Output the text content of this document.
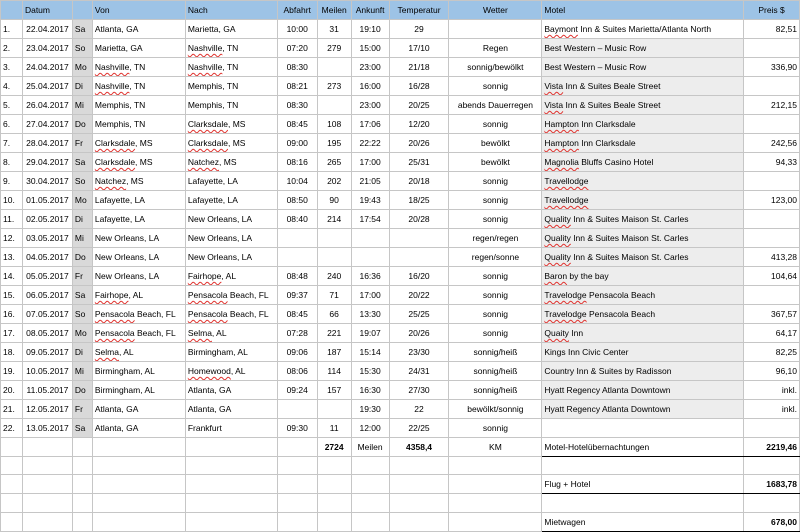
	Datum		Von	Nach	Abfahrt	Meilen	Ankunft	Temperatur	Wetter	Motel	Preis $
1.	22.04.2017	Sa	Atlanta, GA	Marietta, GA	10:00	31	19:10	29		Baymont Inn & Suites Marietta/Atlanta North	82,51
2.	23.04.2017	So	Marietta, GA	Nashville, TN	07:20	279	15:00	17/10	Regen	Best Western – Music Row	
3.	24.04.2017	Mo	Nashville, TN	Nashville, TN	08:30		23:00	21/18	sonnig/bewölkt	Best Western – Music Row	336,90
4.	25.04.2017	Di	Nashville, TN	Memphis, TN	08:21	273	16:00	16/28	sonnig	Vista Inn & Suites Beale Street	
5.	26.04.2017	Mi	Memphis, TN	Memphis, TN	08:30		23:00	20/25	abends Dauerregen	Vista Inn & Suites Beale Street	212,15
6.	27.04.2017	Do	Memphis, TN	Clarksdale, MS	08:45	108	17:06	12/20	sonnig	Hampton Inn Clarksdale	
7.	28.04.2017	Fr	Clarksdale, MS	Clarksdale, MS	09:00	195	22:22	20/26	bewölkt	Hampton Inn Clarksdale	242,56
8.	29.04.2017	Sa	Clarksdale, MS	Natchez, MS	08:16	265	17:00	25/31	bewölkt	Magnolia Bluffs Casino Hotel	94,33
9.	30.04.2017	So	Natchez, MS	Lafayette, LA	10:04	202	21:05	20/18	sonnig	Travellodge	
10.	01.05.2017	Mo	Lafayette, LA	Lafayette, LA	08:50	90	19:43	18/25	sonnig	Travellodge	123,00
11.	02.05.2017	Di	Lafayette, LA	New Orleans, LA	08:40	214	17:54	20/28	sonnig	Quality Inn & Suites Maison St. Carles	
12.	03.05.2017	Mi	New Orleans, LA	New Orleans, LA					regen/regen	Quality Inn & Suites Maison St. Carles	
13.	04.05.2017	Do	New Orleans, LA	New Orleans, LA					regen/sonne	Quality Inn & Suites Maison St. Carles	413,28
14.	05.05.2017	Fr	New Orleans, LA	Fairhope, AL	08:48	240	16:36	16/20	sonnig	Baron by the bay	104,64
15.	06.05.2017	Sa	Fairhope, AL	Pensacola Beach, FL	09:37	71	17:00	20/22	sonnig	Travelodge Pensacola Beach	
16.	07.05.2017	So	Pensacola Beach, FL	Pensacola Beach, FL	08:45	66	13:30	25/25	sonnig	Travelodge Pensacola Beach	367,57
17.	08.05.2017	Mo	Pensacola Beach, FL	Selma, AL	07:28	221	19:07	20/26	sonnig	Quaity Inn	64,17
18.	09.05.2017	Di	Selma, AL	Birmingham, AL	09:06	187	15:14	23/30	sonnig/heiß	Kings Inn Civic Center	82,25
19.	10.05.2017	Mi	Birmingham, AL	Homewood, AL	08:06	114	15:30	24/31	sonnig/heiß	Country Inn & Suites by Radisson	96,10
20.	11.05.2017	Do	Birmingham, AL	Atlanta, GA	09:24	157	16:30	27/30	sonnig/heiß	Hyatt Regency Atlanta Downtown	inkl.
21.	12.05.2017	Fr	Atlanta, GA	Atlanta, GA			19:30	22	bewölkt/sonnig	Hyatt Regency Atlanta Downtown	inkl.
22.	13.05.2017	Sa	Atlanta, GA	Frankfurt	09:30	11	12:00	22/25	sonnig		
						2724	Meilen	4358,4	KM	Motel-Hotelübernachtungen	2219,46

										Flug + Hotel	1683,78

										Mietwagen	678,00
